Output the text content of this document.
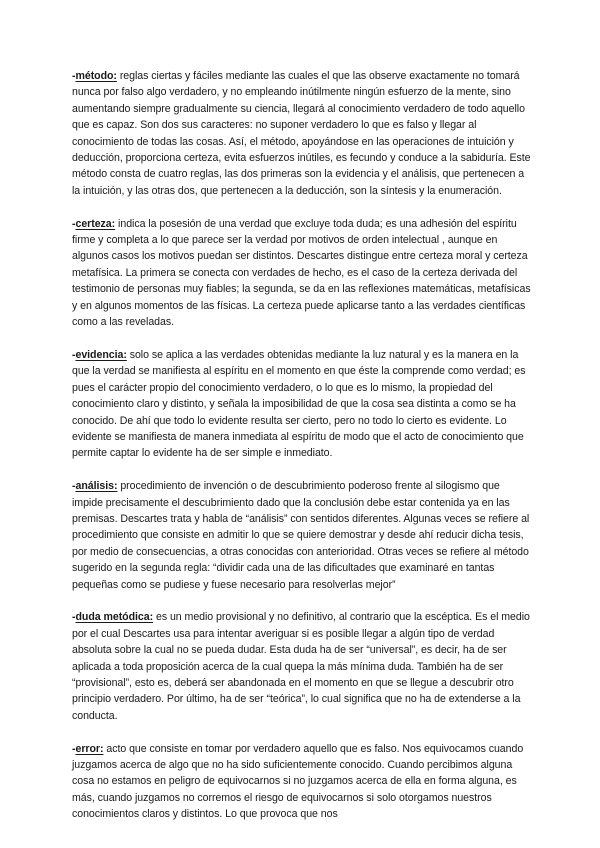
-método: reglas ciertas y fáciles mediante las cuales el que las observe exactamente no tomará nunca por falso algo verdadero, y no empleando inútilmente ningún esfuerzo de la mente, sino aumentando siempre gradualmente su ciencia, llegará al conocimiento verdadero de todo aquello que es capaz. Son dos sus caracteres: no suponer verdadero lo que es falso y llegar al conocimiento de todas las cosas. Así, el método, apoyándose en las operaciones de intuición y deducción, proporciona certeza, evita esfuerzos inútiles, es fecundo y conduce a la sabiduría. Este método consta de cuatro reglas, las dos primeras son la evidencia y el análisis, que pertenecen a la intuición, y las otras dos, que pertenecen a la deducción, son la síntesis y la enumeración.

-certeza: indica la posesión de una verdad que excluye toda duda; es una adhesión del espíritu firme y completa a lo que parece ser la verdad por motivos de orden intelectual , aunque en algunos casos los motivos puedan ser distintos. Descartes distingue entre certeza moral y certeza metafísica. La primera se conecta con verdades de hecho, es el caso de la certeza derivada del testimonio de personas muy fiables; la segunda, se da en las reflexiones matemáticas, metafísicas y en algunos momentos de las físicas. La certeza puede aplicarse tanto a las verdades científicas como a las reveladas.

-evidencia: solo se aplica a las verdades obtenidas mediante la luz natural y es la manera en la que la verdad se manifiesta al espíritu en el momento en que éste la comprende como verdad; es pues el carácter propio del conocimiento verdadero, o lo que es lo mismo, la propiedad del conocimiento claro y distinto, y señala la imposibilidad de que la cosa sea distinta a como se ha conocido. De ahí que todo lo evidente resulta ser cierto, pero no todo lo cierto es evidente. Lo evidente se manifiesta de manera inmediata al espíritu de modo que el acto de conocimiento que permite captar lo evidente ha de ser simple e inmediato.

-análisis: procedimiento de invención o de descubrimiento poderoso frente al silogismo que impide precisamente el descubrimiento dado que la conclusión debe estar contenida ya en las premisas. Descartes trata y habla de “análisis” con sentidos diferentes. Algunas veces se refiere al procedimiento que consiste en admitir lo que se quiere demostrar y desde ahí reducir dicha tesis, por medio de consecuencias, a otras conocidas con anterioridad. Otras veces se refiere al método sugerido en la segunda regla: “dividir cada una de las dificultades que examinaré en tantas pequeñas como se pudiese y fuese necesario para resolverlas mejor”

-duda metódica: es un medio provisional y no definitivo, al contrario que la escéptica. Es el medio por el cual Descartes usa para intentar averiguar si es posible llegar a algún tipo de verdad absoluta sobre la cual no se pueda dudar. Esta duda ha de ser “universal”, es decir, ha de ser aplicada a toda proposición acerca de la cual quepa la más mínima duda. También ha de ser “provisional”, esto es, deberá ser abandonada en el momento en que se llegue a descubrir otro principio verdadero. Por último, ha de ser “teórica”, lo cual significa que no ha de extenderse a la conducta.

-error: acto que consiste en tomar por verdadero aquello que es falso. Nos equivocamos cuando juzgamos acerca de algo que no ha sido suficientemente conocido. Cuando percibimos alguna cosa no estamos en peligro de equivocarnos si no juzgamos acerca de ella en forma alguna, es más, cuando juzgamos no corremos el riesgo de equivocarnos si solo otorgamos nuestros conocimientos claros y distintos. Lo que provoca que nos
